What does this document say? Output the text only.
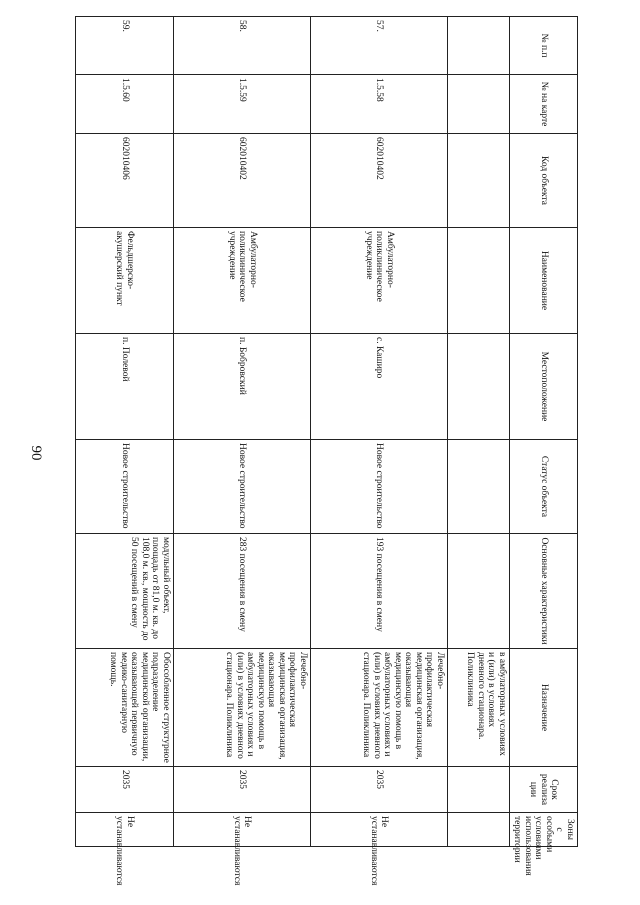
90
№ п.п	№ на карте	Код объекта	Наименование	Местоположение	Статус объекта	Основные характеристики	Назначение	Срок реализа ции	Зоны с особыми условиями использования территории
							в амбулаторных условиях и (или) в условиях дневного стационара. Поликлиника		
57.	1.5.58	602010402	Амбулаторно-поликлиническое учреждение	с. Каширо	Новое строительство	193 посещения в смену	Лечебно-профилактическая медицинская организация, оказывающая медицинскую помощь в амбулаторных условиях и (или) в условиях дневного стационара. Поликлиника	2035	Не устанавливаются
58.	1.5.59	602010402	Амбулаторно-поликлиническое учреждение	п. Бобровский	Новое строительство	283 посещения в смену	Лечебно-профилактическая медицинская организация, оказывающая медицинскую помощь в амбулаторных условиях и (или) в условиях дневного стационара. Поликлиника	2035	Не устанавливаются
59.	1.5.60	602010406	Фельдшерско-акушерский пункт	п. Полевой	Новое строительство	модульный объект, площадь от 81,0 м. кв. до 108,0 м. кв., мощность до 50 посещений в смену	Обособленное структурное подразделение медицинской организации, оказывающей первичную медико-санитарную помощь.	2035	Не устанавливаются
